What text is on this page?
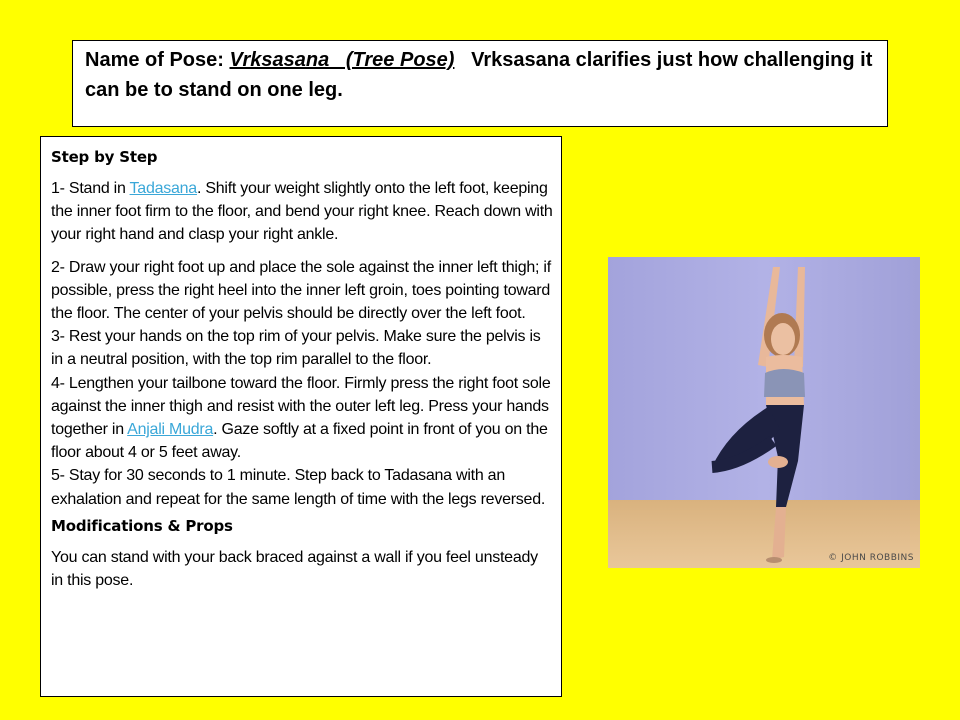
Name of Pose: Vrksasana   (Tree Pose)   Vrksasana clarifies just how challenging it can be to stand on one leg.

Step by Step

1- Stand in Tadasana. Shift your weight slightly onto the left foot, keeping the inner foot firm to the floor, and bend your right knee. Reach down with your right hand and clasp your right ankle.

2- Draw your right foot up and place the sole against the inner left thigh; if possible, press the right heel into the inner left groin, toes pointing toward the floor. The center of your pelvis should be directly over the left foot.

3- Rest your hands on the top rim of your pelvis. Make sure the pelvis is in a neutral position, with the top rim parallel to the floor.

4- Lengthen your tailbone toward the floor. Firmly press the right foot sole against the inner thigh and resist with the outer left leg. Press your hands together in Anjali Mudra. Gaze softly at a fixed point in front of you on the floor about 4 or 5 feet away.

5- Stay for 30 seconds to 1 minute. Step back to Tadasana with an exhalation and repeat for the same length of time with the legs reversed.

Modifications & Props

You can stand with your back braced against a wall if you feel unsteady in this pose.

© JOHN ROBBINS
